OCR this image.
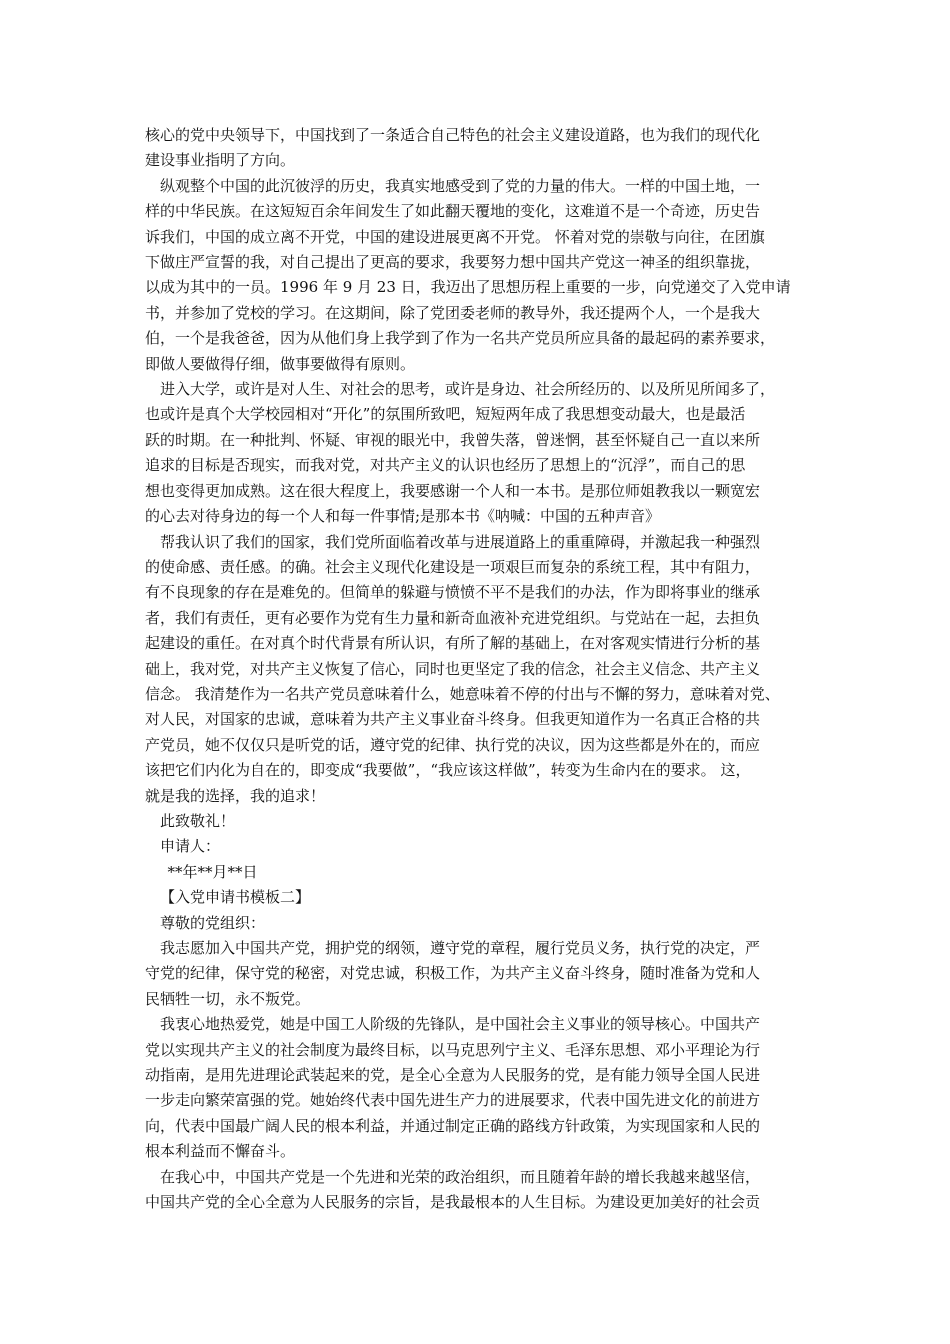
核心的党中央领导下，中国找到了一条适合自己特色的社会主义建设道路，也为我们的现代化
建设事业指明了方向。
纵观整个中国的此沉彼浮的历史，我真实地感受到了党的力量的伟大。一样的中国土地，一
样的中华民族。在这短短百余年间发生了如此翻天覆地的变化，这难道不是一个奇迹，历史告
诉我们，中国的成立离不开党，中国的建设进展更离不开党。 怀着对党的崇敬与向往，在团旗
下做庄严宣誓的我，对自己提出了更高的要求，我要努力想中国共产党这一神圣的组织靠拢，
以成为其中的一员。1996 年 9 月 23 日，我迈出了思想历程上重要的一步，向党递交了入党申请
书，并参加了党校的学习。在这期间，除了党团委老师的教导外，我还提两个人，一个是我大
伯，一个是我爸爸，因为从他们身上我学到了作为一名共产党员所应具备的最起码的素养要求，
即做人要做得仔细，做事要做得有原则。
进入大学，或许是对人生、对社会的思考，或许是身边、社会所经历的、以及所见所闻多了，
也或许是真个大学校园相对“开化”的氛围所致吧，短短两年成了我思想变动最大，也是最活
跃的时期。在一种批判、怀疑、审视的眼光中，我曾失落，曾迷惘，甚至怀疑自己一直以来所
追求的目标是否现实，而我对党，对共产主义的认识也经历了思想上的“沉浮”，而自己的思
想也变得更加成熟。这在很大程度上，我要感谢一个人和一本书。是那位师姐教我以一颗宽宏
的心去对待身边的每一个人和每一件事情;是那本书《呐喊：中国的五种声音》
帮我认识了我们的国家，我们党所面临着改革与进展道路上的重重障碍，并激起我一种强烈
的使命感、责任感。的确。社会主义现代化建设是一项艰巨而复杂的系统工程，其中有阻力，
有不良现象的存在是难免的。但简单的躲避与愤愤不平不是我们的办法，作为即将事业的继承
者，我们有责任，更有必要作为党有生力量和新奇血液补充进党组织。与党站在一起，去担负
起建设的重任。在对真个时代背景有所认识，有所了解的基础上，在对客观实情进行分析的基
础上，我对党，对共产主义恢复了信心，同时也更坚定了我的信念，社会主义信念、共产主义
信念。 我清楚作为一名共产党员意味着什么，她意味着不停的付出与不懈的努力，意味着对党、
对人民，对国家的忠诚，意味着为共产主义事业奋斗终身。但我更知道作为一名真正合格的共
产党员，她不仅仅只是听党的话，遵守党的纪律、执行党的决议，因为这些都是外在的，而应
该把它们内化为自在的，即变成“我要做”，“我应该这样做”，转变为生命内在的要求。 这，
就是我的选择，我的追求！
此致敬礼！
申请人：
**年**月**日
【入党申请书模板二】
尊敬的党组织：
我志愿加入中国共产党，拥护党的纲领，遵守党的章程，履行党员义务，执行党的决定，严
守党的纪律，保守党的秘密，对党忠诚，积极工作，为共产主义奋斗终身，随时准备为党和人
民牺牲一切，永不叛党。
我衷心地热爱党，她是中国工人阶级的先锋队，是中国社会主义事业的领导核心。中国共产
党以实现共产主义的社会制度为最终目标，以马克思列宁主义、毛泽东思想、邓小平理论为行
动指南，是用先进理论武装起来的党，是全心全意为人民服务的党，是有能力领导全国人民进
一步走向繁荣富强的党。她始终代表中国先进生产力的进展要求，代表中国先进文化的前进方
向，代表中国最广阔人民的根本利益，并通过制定正确的路线方针政策，为实现国家和人民的
根本利益而不懈奋斗。
在我心中，中国共产党是一个先进和光荣的政治组织，而且随着年龄的增长我越来越坚信，
中国共产党的全心全意为人民服务的宗旨，是我最根本的人生目标。为建设更加美好的社会贡
